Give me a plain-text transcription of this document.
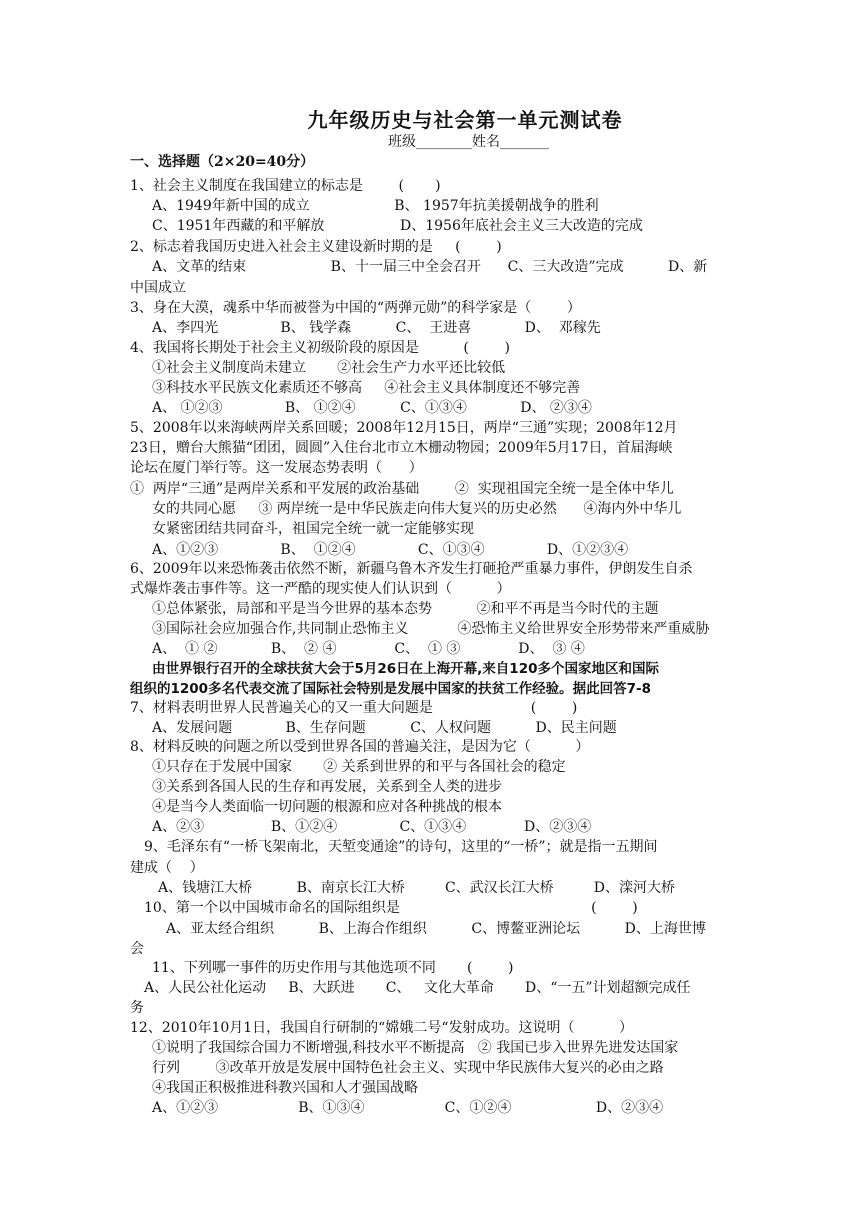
九年级历史与社会第一单元测试卷
班级________姓名_______
一、选择题（2×20=40分）
1、社会主义制度在我国建立的标志是        (       )
A、1949年新中国的成立                   B、 1957年抗美援朝战争的胜利
C、1951年西藏的和平解放                 D、1956年底社会主义三大改造的完成
2、标志着我国历史进入社会主义建设新时期的是     (        )
A、文革的结束                   B、十一届三中全会召开      C、三大改造”完成          D、新
中国成立
3、身在大漠，魂系中华而被誉为中国的“两弹元勋”的科学家是（        ）
A、李四光              B、 钱学森          C、  王进喜            D、  邓稼先
4、我国将长期处于社会主义初级阶段的原因是          (        )
①社会主义制度尚未建立       ②社会生产力水平还比较低
③科技水平民族文化素质还不够高     ④社会主义具体制度还不够完善
A、 ①②③              B、 ①②④          C、①③④            D、 ②③④
5、2008年以来海峡两岸关系回暖；2008年12月15日，两岸“三通”实现；2008年12月
23日，赠台大熊猫“团团，圆圆”入住台北市立木栅动物园；2009年5月17日，首届海峡
论坛在厦门举行等。这一发展态势表明（      ）
①  两岸“三通”是两岸关系和平发展的政治基础        ②  实现祖国完全统一是全体中华儿
女的共同心愿     ③ 两岸统一是中华民族走向伟大复兴的历史必然      ④海内外中华儿
女紧密团结共同奋斗，祖国完全统一就一定能够实现
A、①②③              B、  ①②④              C、①③④              D、①②③④
6、2009年以来恐怖袭击依然不断，新疆乌鲁木齐发生打砸抢严重暴力事件，伊朗发生自杀
式爆炸袭击事件等。这一严酷的现实使人们认识到（          ）
①总体紧张，局部和平是当今世界的基本态势          ②和平不再是当今时代的主题
③国际社会应加强合作,共同制止恐怖主义           ④恐怖主义给世界安全形势带来严重威胁
A、  ① ②            B、  ② ④             C、  ① ③             D、  ③ ④
由世界银行召开的全球扶贫大会于5月26日在上海开幕,来自120多个国家地区和国际
组织的1200多名代表交流了国际社会特别是发展中国家的扶贫工作经验。据此回答7-8
7、材料表明世界人民普遍关心的又一重大问题是                      (        )
A、发展问题            B、生存问题          C、人权问题          D、民主问题
8、材料反映的问题之所以受到世界各国的普遍关注，是因为它（          ）
①只存在于发展中国家       ② 关系到世界的和平与各国社会的稳定
③关系到各国人民的生存和再发展，关系到全人类的进步
④是当今人类面临一切问题的根源和应对各种挑战的根本
A、②③               B、①②④              C、①③④             D、②③④
9、毛泽东有“一桥飞架南北，天堑变通途”的诗句，这里的“一桥”；就是指一五期间
建成（    ）
A、钱塘江大桥          B、南京长江大桥         C、武汉长江大桥         D、滦河大桥
10、第一个以中国城市命名的国际组织是                                           (        )
A、亚太经合组织          B、上海合作组织          C、博鳌亚洲论坛          D、上海世博
会
11、下列哪一事件的历史作用与其他选项不同       (        )
A、人民公社化运动     B、大跃进       C、   文化大革命       D、“一五”计划超额完成任
务
12、2010年10月1日，我国自行研制的“嫦娥二号“发射成功。这说明（          ）
①说明了我国综合国力不断增强,科技水平不断提高   ② 我国已步入世界先进发达国家
行列        ③改革开放是发展中国特色社会主义、实现中华民族伟大复兴的必由之路
④我国正积极推进科教兴国和人才强国战略
A、①②③                  B、①③④                  C、①②④                   D、②③④
